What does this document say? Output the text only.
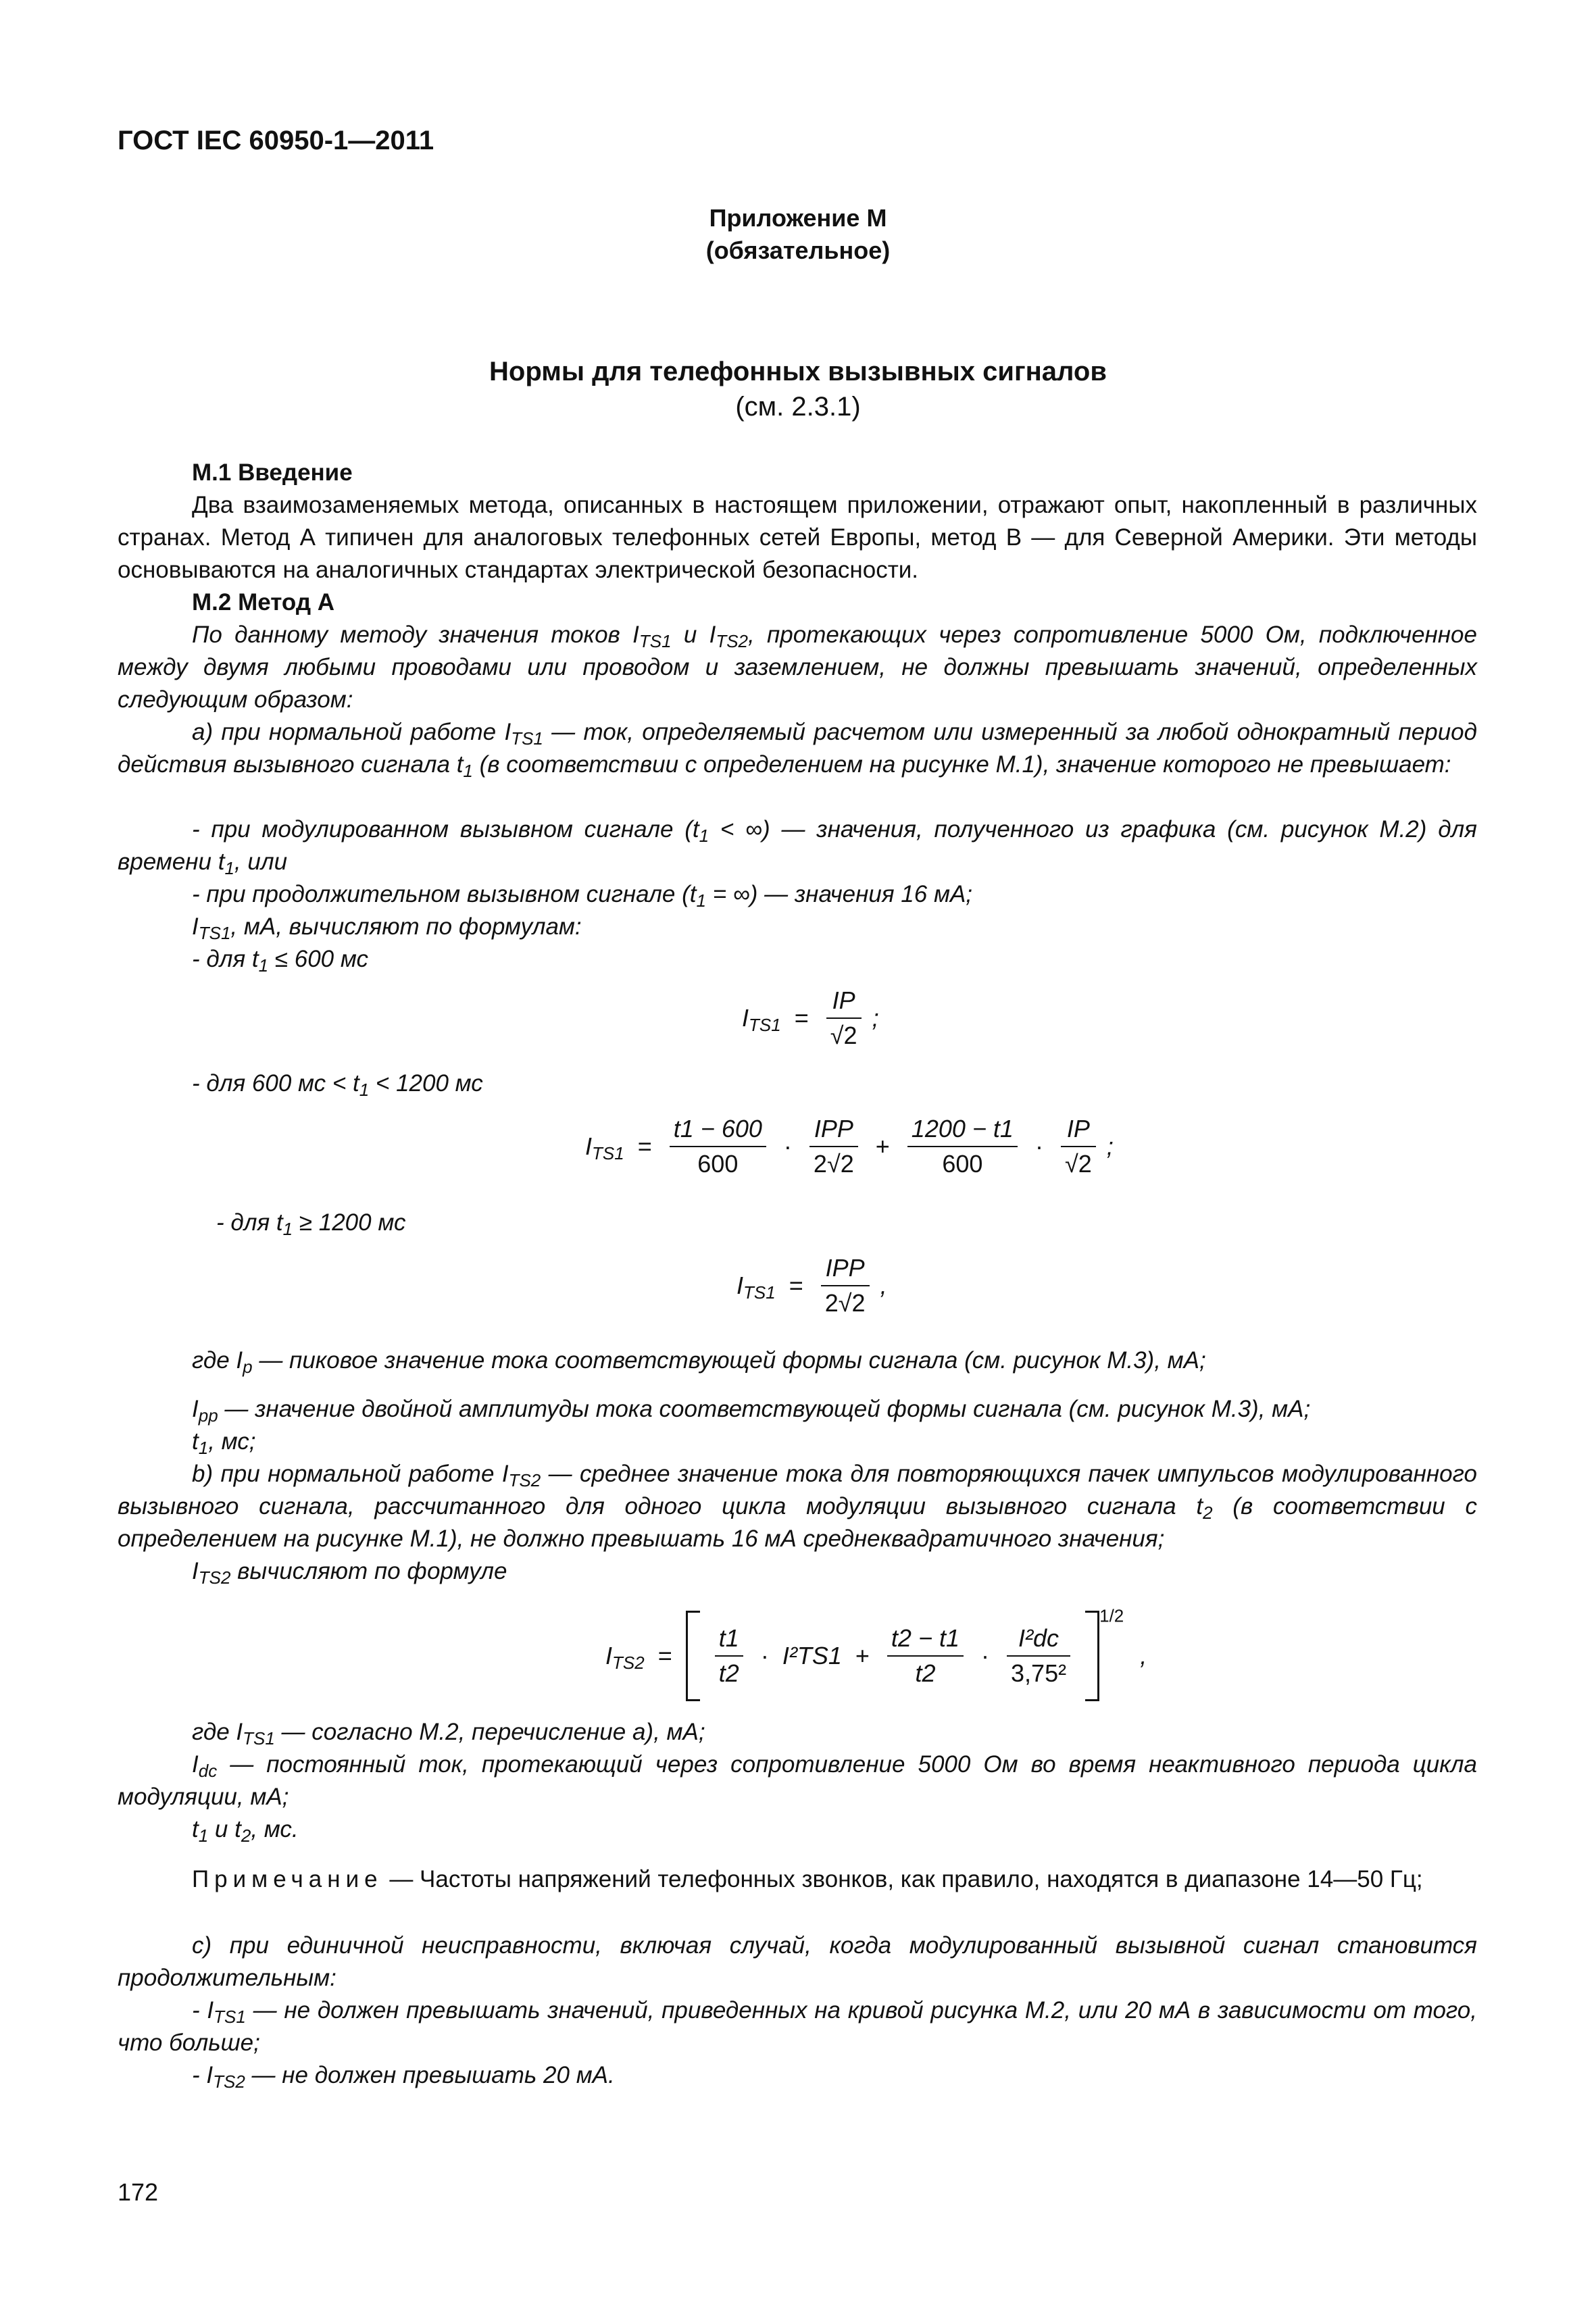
ГОСТ IEC 60950-1—2011
Приложение М
(обязательное)
Нормы для телефонных вызывных сигналов
(см. 2.3.1)
М.1 Введение
Два взаимозаменяемых метода, описанных в настоящем приложении, отражают опыт, накопленный в различных странах. Метод А типичен для аналоговых телефонных сетей Европы, метод В — для Северной Америки. Эти методы основываются на аналогичных стандартах электрической безопасности.
М.2 Метод А
По данному методу значения токов $I_{TS1}$ и $I_{TS2}$, протекающих через сопротивление 5000 Ом, подключенное между двумя любыми проводами или проводом и заземлением, не должны превышать значений, определенных следующим образом:
a) при нормальной работе $I_{TS1}$ — ток, определяемый расчетом или измеренный за любой однократный период действия вызывного сигнала $t_1$ (в соответствии с определением на рисунке М.1), значение которого не превышает:
- при модулированном вызывном сигнале ($t_1$ < ∞) — значения, полученного из графика (см. рисунок М.2) для времени $t_1$, или
- при продолжительном вызывном сигнале ($t_1$ = ∞) — значения 16 мА;
$I_{TS1}$, мА, вычисляют по формулам:
- для $t_1 \le 600$ мс
$I_{TS1} = \frac{IP}{√2}$ ;
- для 600 мс < $t_1 < 1200$ мс
$I_{TS1} = \frac{t1 - 600}{600} \cdot \frac{\text{IPP}}{2√2} + \frac{1200 - t1}{600} \cdot \frac{IP}{√2}$ ;
- для $t_1 \ge 1200$ мс
$I_{TS1} = \frac{\text{IPP}}{2√2}$ ,
где $I_p$ — пиковое значение тока соответствующей формы сигнала (см. рисунок М.3), мА;
$I_{pp}$ — значение двойной амплитуды тока соответствующей формы сигнала (см. рисунок М.3), мА;
$t_1$, мс;
b) при нормальной работе $I_{TS2}$ — среднее значение тока для повторяющихся пачек импульсов модулированного вызывного сигнала, рассчитанного для одного цикла модуляции вызывного сигнала $t_2$ (в соответствии с определением на рисунке М.1), не должно превышать 16 мА среднеквадратичного значения;
$I_{TS2}$ вычисляют по формуле
$I_{TS2} = \frac{t1}{t2} \cdot I^2TS1 + \frac{t2 - t1}{t2} \cdot \frac{\text{I²dc}}{\text{3,75²}}$
$^{1/2}$ ,
где $I_{TS1}$ — согласно М.2, перечисление а), мА;
$I_{dc}$ — постоянный ток, протекающий через сопротивление 5000 Ом во время неактивного периода цикла модуляции, мА;
$t_1$ и $t_2$, мс.
Примечание — Частоты напряжений телефонных звонков, как правило, находятся в диапазоне 14—50 Гц;
c) при единичной неисправности, включая случай, когда модулированный вызывной сигнал становится продолжительным:
- $I_{TS1}$ — не должен превышать значений, приведенных на кривой рисунка М.2, или 20 мА в зависимости от того, что больше;
- $I_{TS2}$ — не должен превышать 20 мА.
172
